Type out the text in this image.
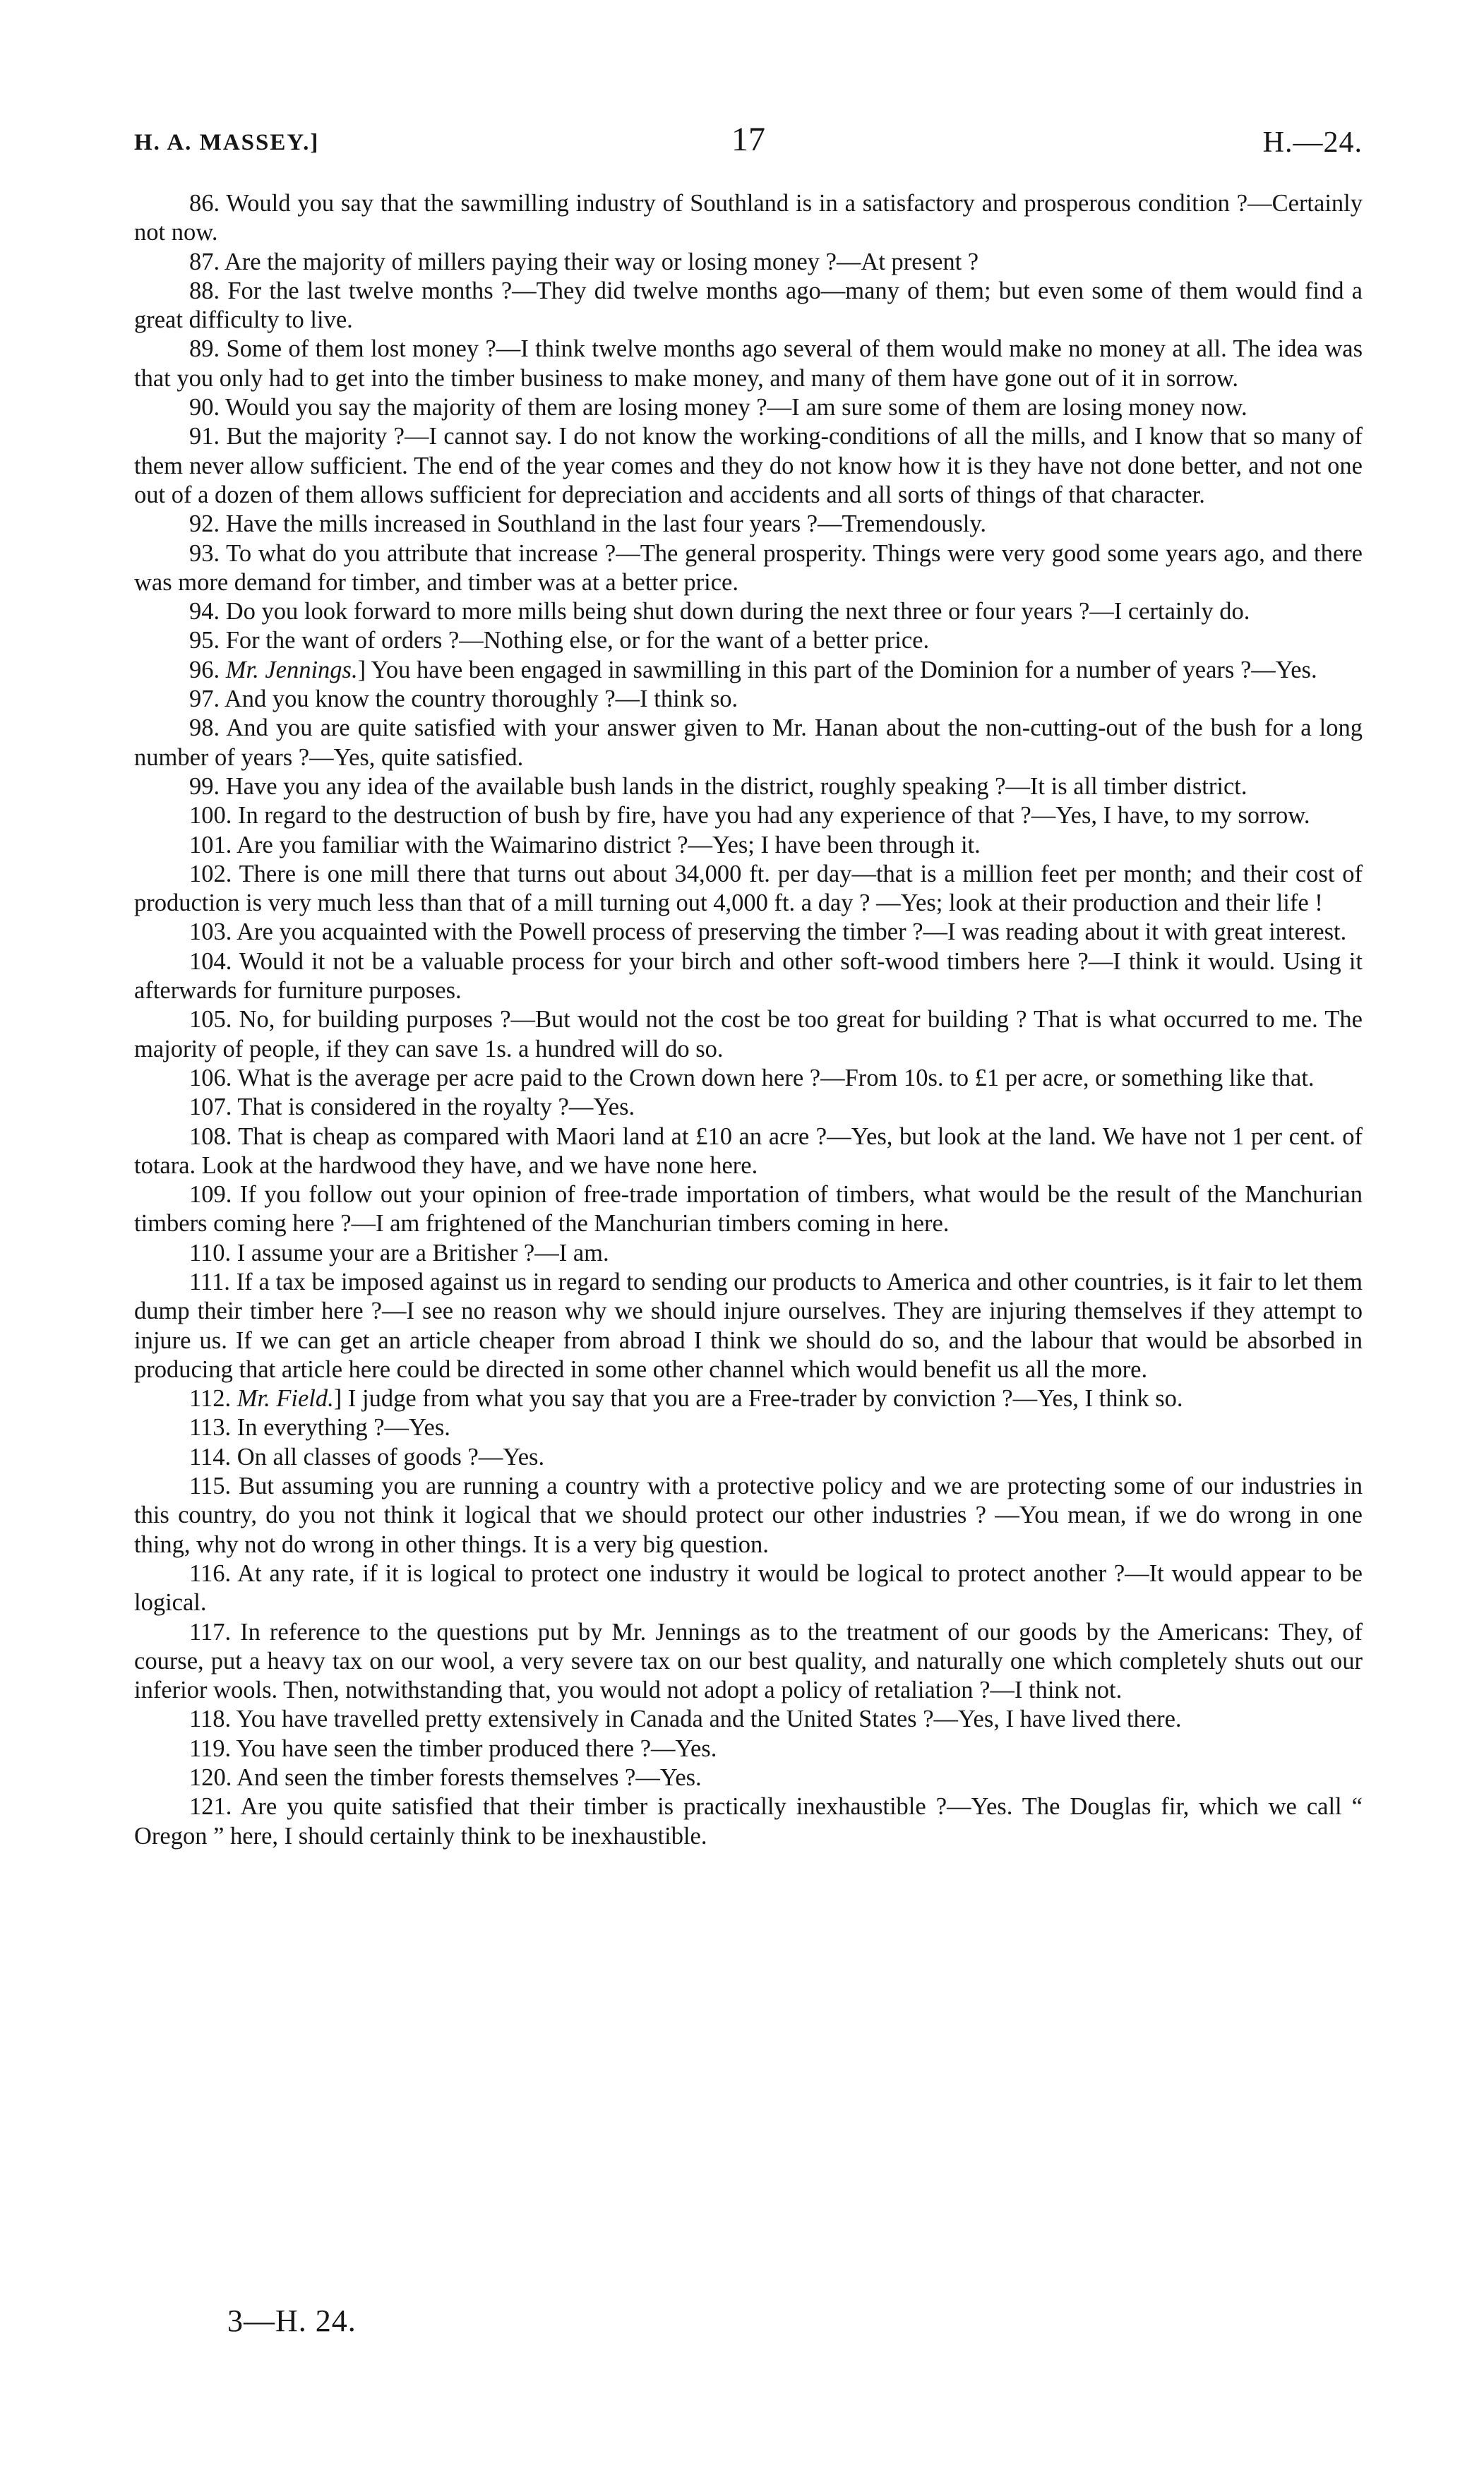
H. A. MASSEY.]	17	H.—24.

86. Would you say that the sawmilling industry of Southland is in a satisfactory and prosperous condition ?—Certainly not now.

87. Are the majority of millers paying their way or losing money ?—At present ?

88. For the last twelve months ?—They did twelve months ago—many of them; but even some of them would find a great difficulty to live.

89. Some of them lost money ?—I think twelve months ago several of them would make no money at all. The idea was that you only had to get into the timber business to make money, and many of them have gone out of it in sorrow.

90. Would you say the majority of them are losing money ?—I am sure some of them are losing money now.

91. But the majority ?—I cannot say. I do not know the working-conditions of all the mills, and I know that so many of them never allow sufficient. The end of the year comes and they do not know how it is they have not done better, and not one out of a dozen of them allows sufficient for depreciation and accidents and all sorts of things of that character.

92. Have the mills increased in Southland in the last four years ?—Tremendously.

93. To what do you attribute that increase ?—The general prosperity. Things were very good some years ago, and there was more demand for timber, and timber was at a better price.

94. Do you look forward to more mills being shut down during the next three or four years ?—I certainly do.

95. For the want of orders ?—Nothing else, or for the want of a better price.

96. Mr. Jennings.] You have been engaged in sawmilling in this part of the Dominion for a number of years ?—Yes.

97. And you know the country thoroughly ?—I think so.

98. And you are quite satisfied with your answer given to Mr. Hanan about the non-cutting-out of the bush for a long number of years ?—Yes, quite satisfied.

99. Have you any idea of the available bush lands in the district, roughly speaking ?—It is all timber district.

100. In regard to the destruction of bush by fire, have you had any experience of that ?—Yes, I have, to my sorrow.

101. Are you familiar with the Waimarino district ?—Yes; I have been through it.

102. There is one mill there that turns out about 34,000 ft. per day—that is a million feet per month; and their cost of production is very much less than that of a mill turning out 4,000 ft. a day ? —Yes; look at their production and their life !

103. Are you acquainted with the Powell process of preserving the timber ?—I was reading about it with great interest.

104. Would it not be a valuable process for your birch and other soft-wood timbers here ?—I think it would. Using it afterwards for furniture purposes.

105. No, for building purposes ?—But would not the cost be too great for building ? That is what occurred to me. The majority of people, if they can save 1s. a hundred will do so.

106. What is the average per acre paid to the Crown down here ?—From 10s. to £1 per acre, or something like that.

107. That is considered in the royalty ?—Yes.

108. That is cheap as compared with Maori land at £10 an acre ?—Yes, but look at the land. We have not 1 per cent. of totara. Look at the hardwood they have, and we have none here.

109. If you follow out your opinion of free-trade importation of timbers, what would be the result of the Manchurian timbers coming here ?—I am frightened of the Manchurian timbers coming in here.

110. I assume your are a Britisher ?—I am.

111. If a tax be imposed against us in regard to sending our products to America and other countries, is it fair to let them dump their timber here ?—I see no reason why we should injure ourselves. They are injuring themselves if they attempt to injure us. If we can get an article cheaper from abroad I think we should do so, and the labour that would be absorbed in producing that article here could be directed in some other channel which would benefit us all the more.

112. Mr. Field.] I judge from what you say that you are a Free-trader by conviction ?—Yes, I think so.

113. In everything ?—Yes.

114. On all classes of goods ?—Yes.

115. But assuming you are running a country with a protective policy and we are protecting some of our industries in this country, do you not think it logical that we should protect our other industries ? —You mean, if we do wrong in one thing, why not do wrong in other things. It is a very big question.

116. At any rate, if it is logical to protect one industry it would be logical to protect another ?—It would appear to be logical.

117. In reference to the questions put by Mr. Jennings as to the treatment of our goods by the Americans: They, of course, put a heavy tax on our wool, a very severe tax on our best quality, and naturally one which completely shuts out our inferior wools. Then, notwithstanding that, you would not adopt a policy of retaliation ?—I think not.

118. You have travelled pretty extensively in Canada and the United States ?—Yes, I have lived there.

119. You have seen the timber produced there ?—Yes.

120. And seen the timber forests themselves ?—Yes.

121. Are you quite satisfied that their timber is practically inexhaustible ?—Yes. The Douglas fir, which we call “ Oregon ” here, I should certainly think to be inexhaustible.

3—H. 24.
